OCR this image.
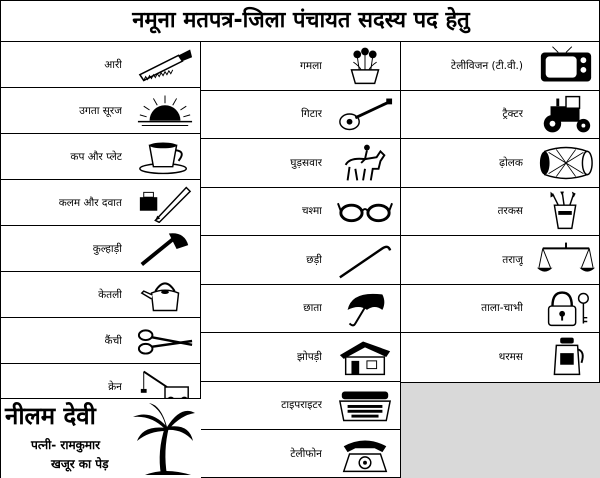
नमूना मतपत्र-जिला पंचायत सदस्य पद हेतु
आरी
उगता सूरज
कप और प्लेट
कलम और दवात
कुल्हाड़ी
केतली
कैंची
क्रेन
नीलम देवी
पत्नी- रामकुमार
खजूर का पेड़
गमला
गिटार
घुड़सवार
चश्मा
छड़ी
छाता
झोपड़ी
टाइपराइटर
टेलीफोन
टेलीविजन (टी.वी.)
ट्रैक्टर
ढ़ोलक
तरकस
तराजू
ताला-चाभी
थरमस
